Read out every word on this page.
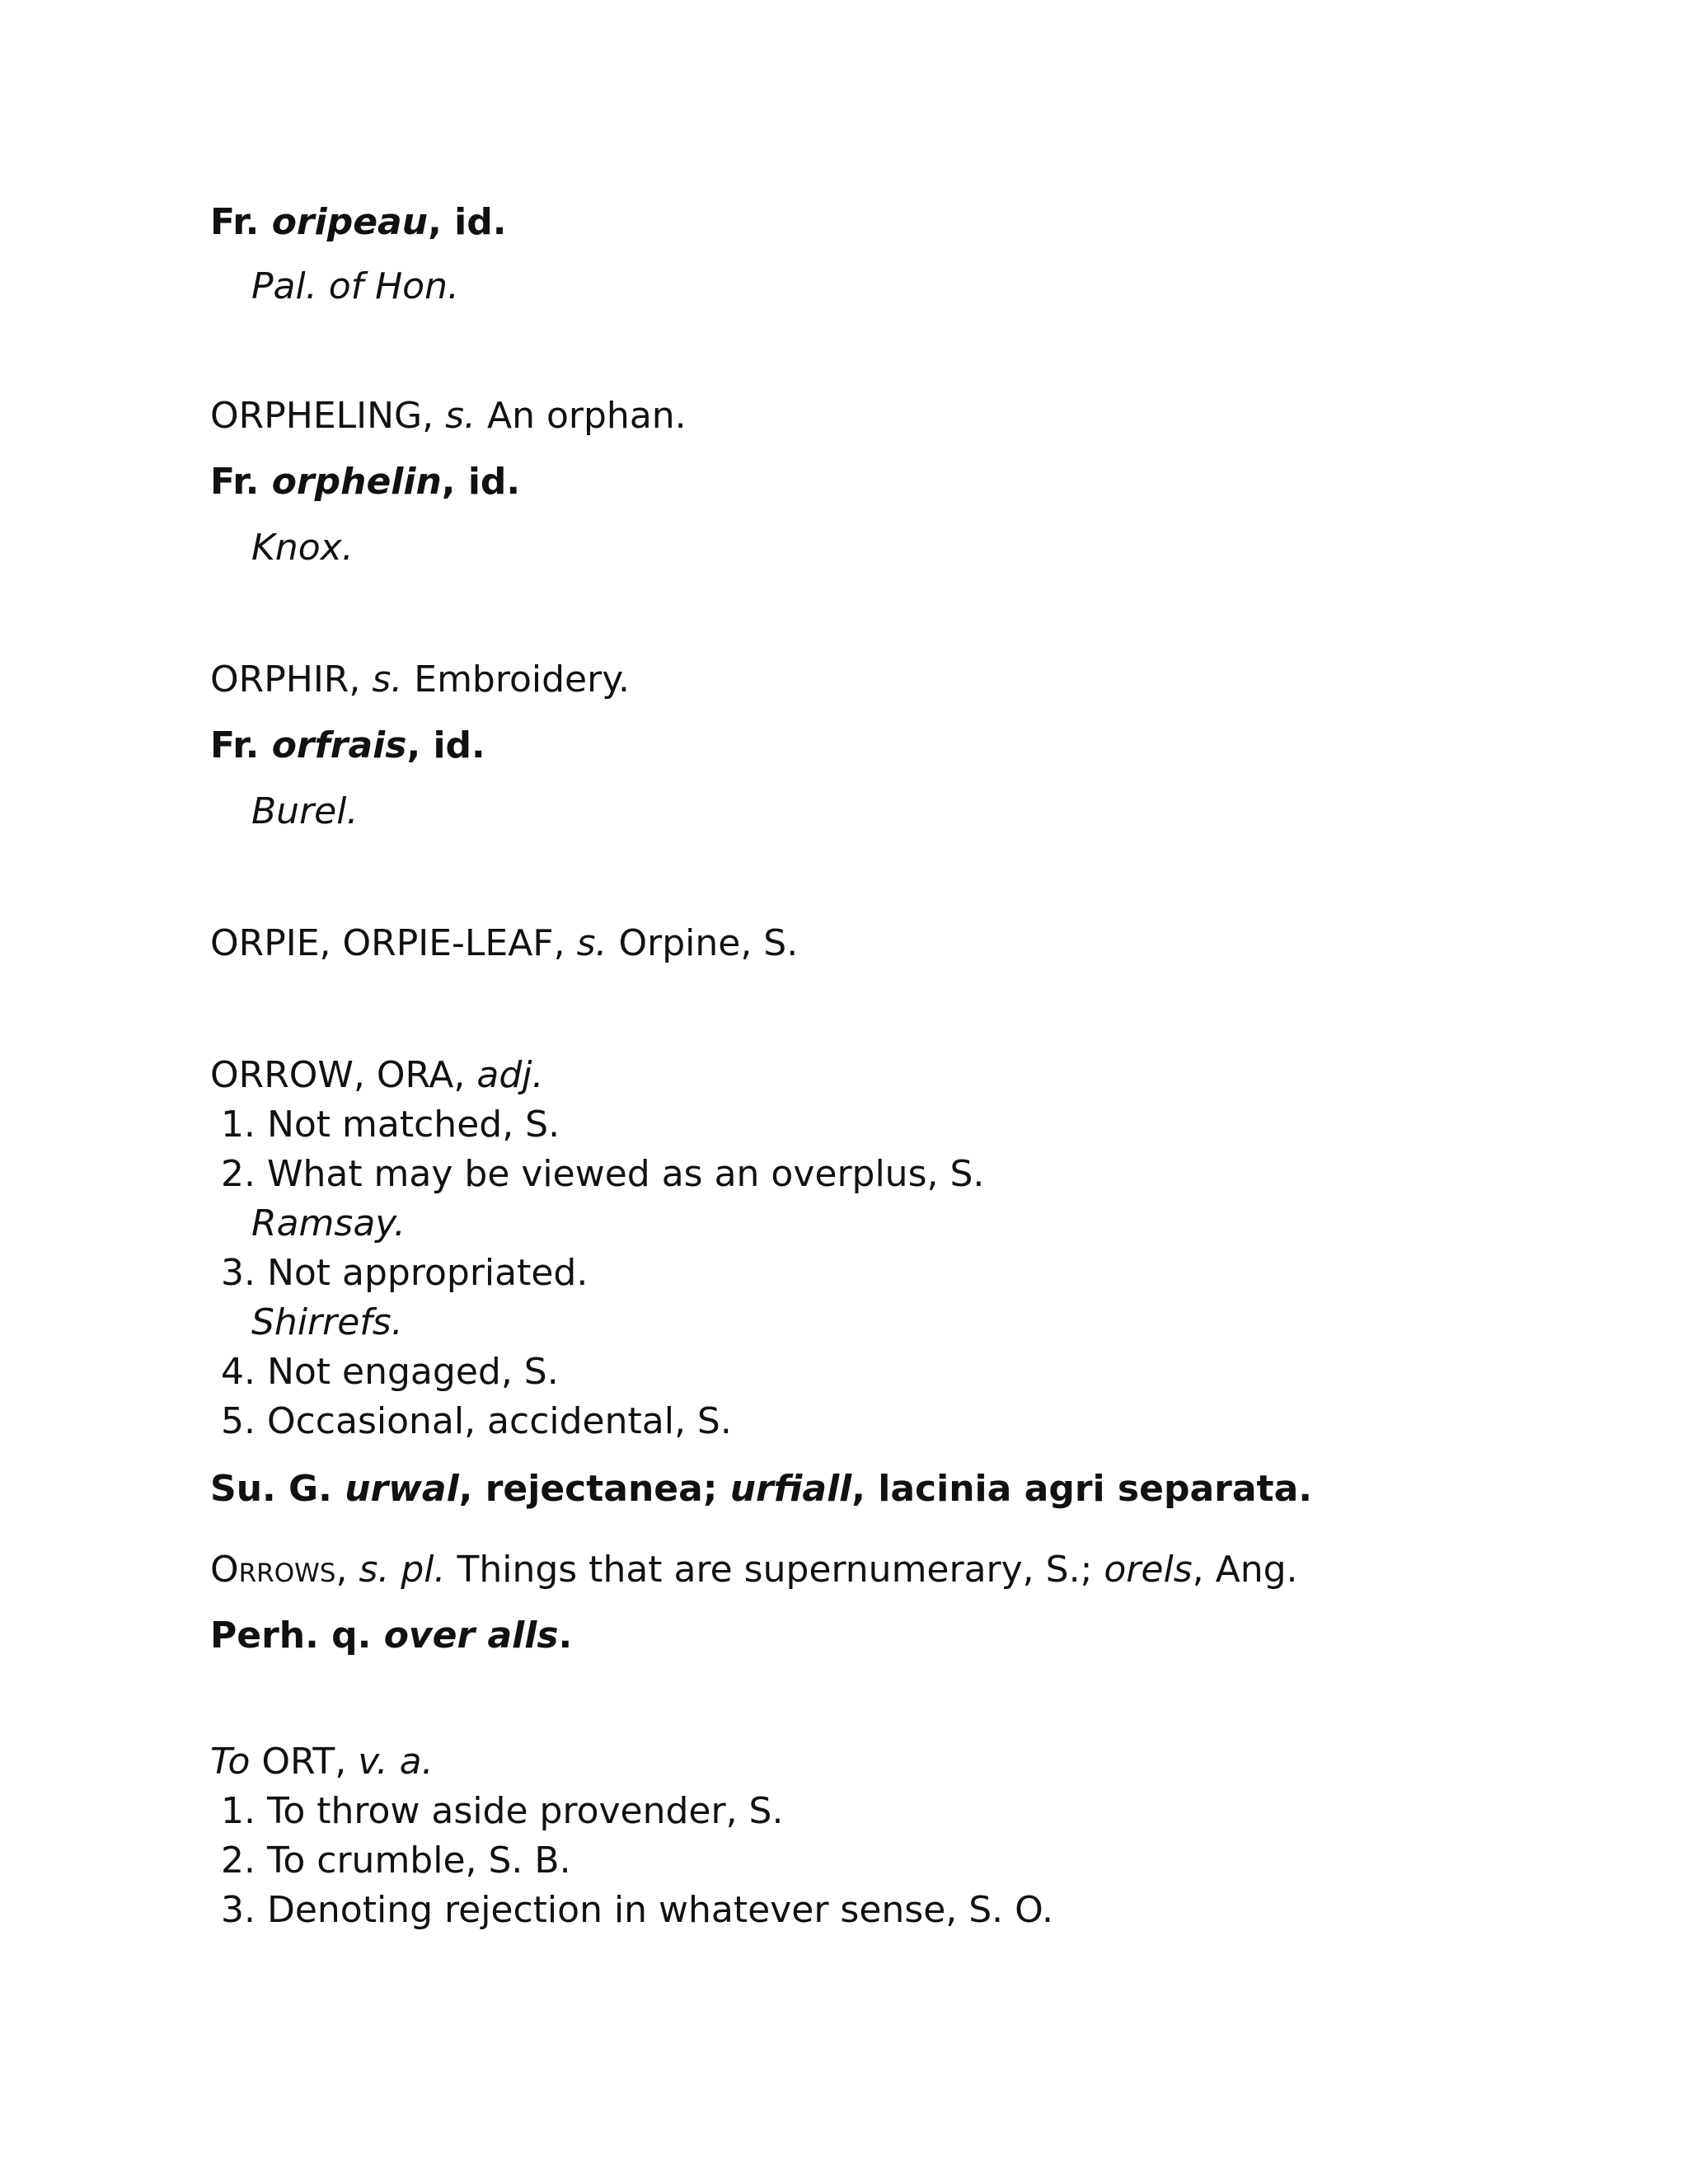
Fr. oripeau, id.
Pal. of Hon.
ORPHELING, s. An orphan.
Fr. orphelin, id.
Knox.
ORPHIR, s. Embroidery.
Fr. orfrais, id.
Burel.
ORPIE, ORPIE-LEAF, s. Orpine, S.
ORROW, ORA, adj.
1. Not matched, S.
2. What may be viewed as an overplus, S.
Ramsay.
3. Not appropriated.
Shirrefs.
4. Not engaged, S.
5. Occasional, accidental, S.
Su. G. urwal, rejectanea; urfiall, lacinia agri separata.
Orrows, s. pl. Things that are supernumerary, S.; orels, Ang.
Perh. q. over alls.
To ORT, v. a.
1. To throw aside provender, S.
2. To crumble, S. B.
3. Denoting rejection in whatever sense, S. O.
